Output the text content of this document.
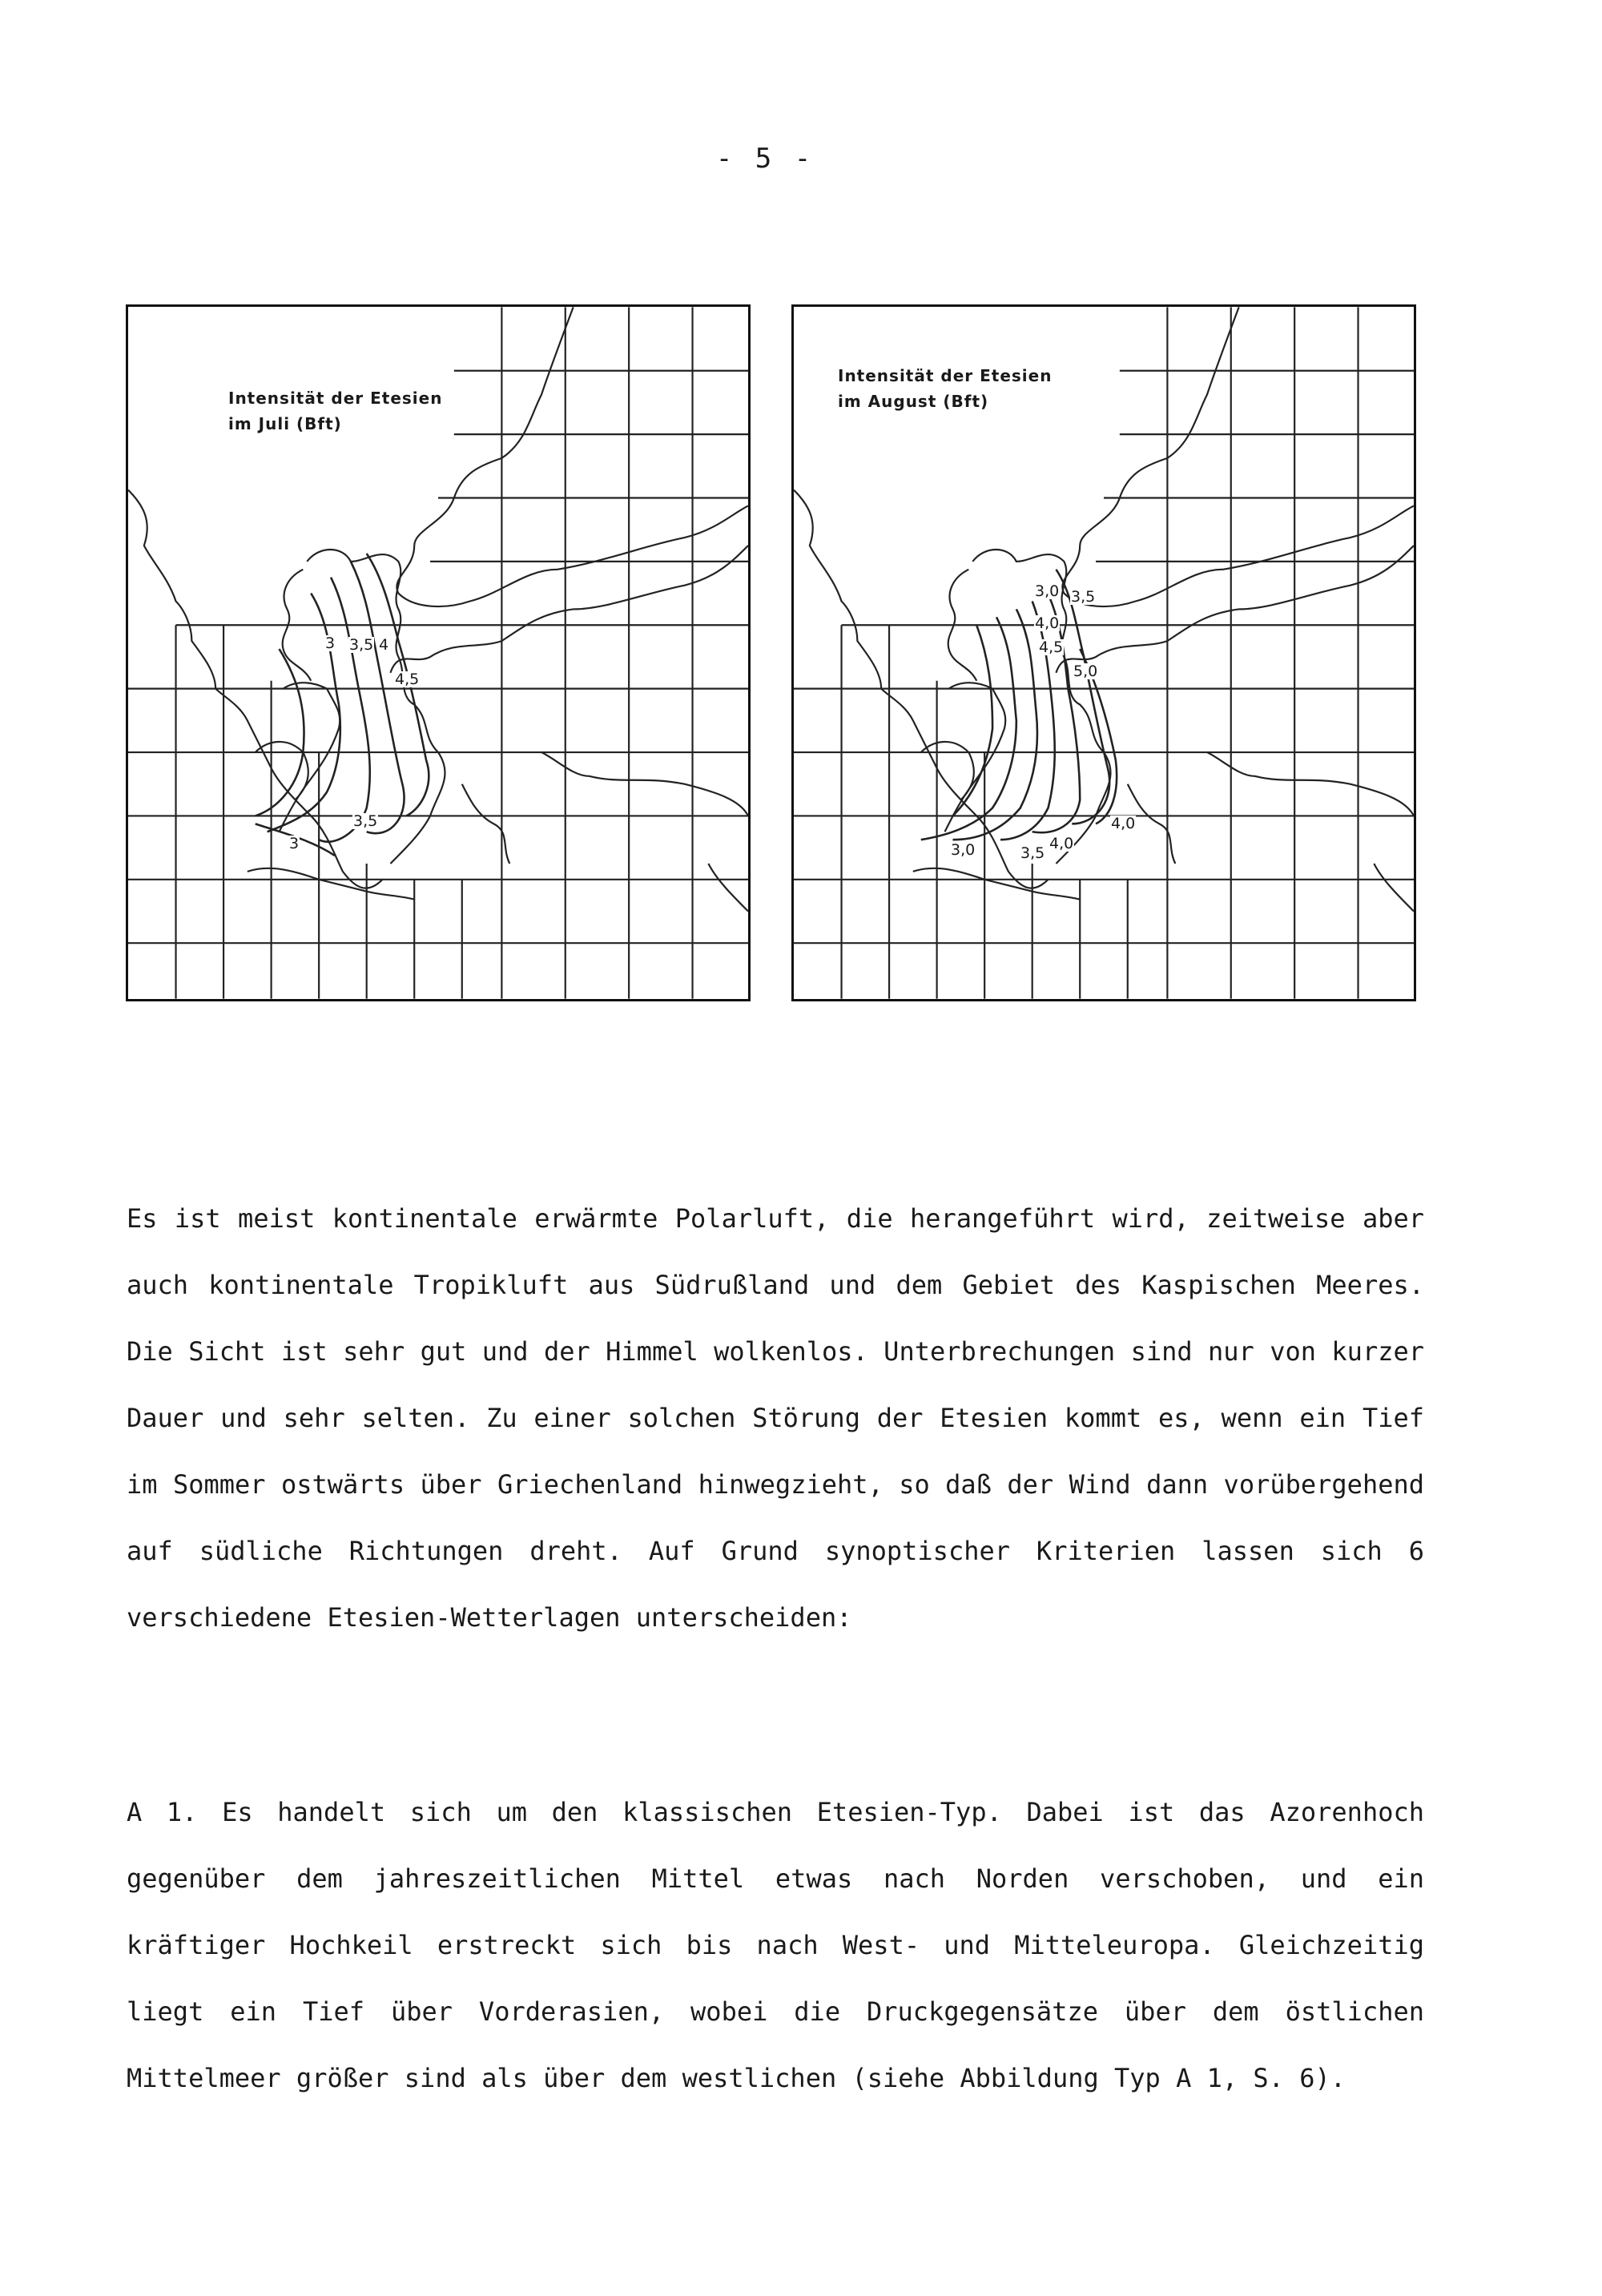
- 5 -
Intensität der Etesien
im Juli (Bft)
3 3,5 4
4,5
3,5
3
Intensität der Etesien
im August (Bft)
3,0 3,5
4,0
4,5
5,0
4,0
4,0
3,5
3,0

Es ist meist kontinentale erwärmte Polarluft, die herangeführt wird, zeitweise aber auch kontinentale Tropikluft aus Südrußland und dem Gebiet des Kaspischen Meeres. Die Sicht ist sehr gut und der Himmel wolkenlos. Unterbrechungen sind nur von kurzer Dauer und sehr selten. Zu einer solchen Störung der Etesien kommt es, wenn ein Tief im Sommer ostwärts über Griechenland hinwegzieht, so daß der Wind dann vorübergehend auf südliche Richtungen dreht. Auf Grund synoptischer Kriterien lassen sich 6 verschiedene Etesien-Wetterlagen unterscheiden:

A 1. Es handelt sich um den klassischen Etesien-Typ. Dabei ist das Azorenhoch gegenüber dem jahreszeitlichen Mittel etwas nach Norden verschoben, und ein kräftiger Hochkeil erstreckt sich bis nach West- und Mitteleuropa. Gleichzeitig liegt ein Tief über Vorderasien, wobei die Druckgegensätze über dem östlichen Mittelmeer größer sind als über dem westlichen (siehe Abbildung Typ A 1, S. 6).
